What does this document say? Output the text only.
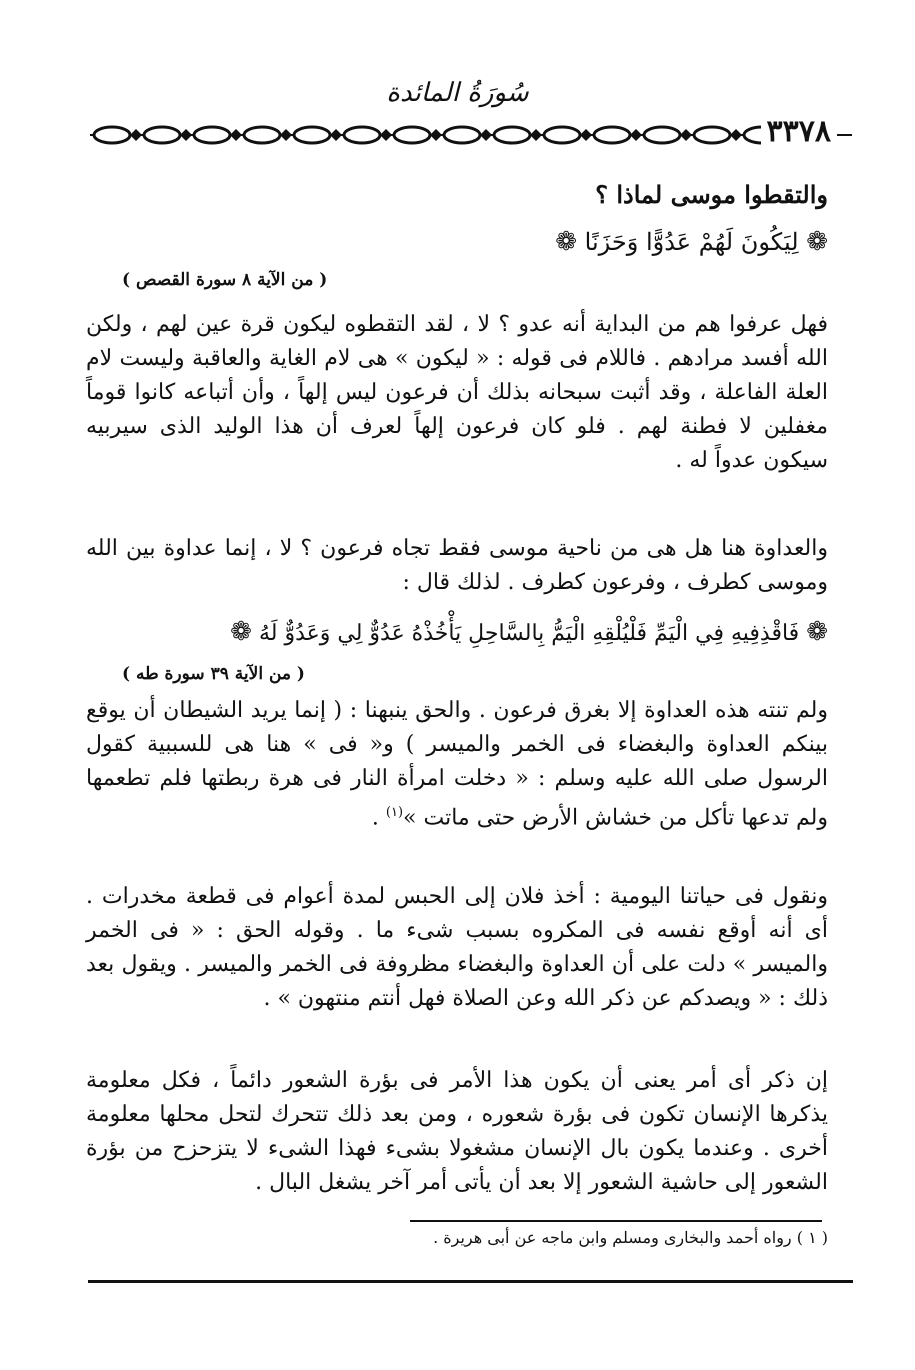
سُورَةُ المائدة
٣٣٧٨
والتقطوا موسى لماذا ؟
❁ لِيَكُونَ لَهُمْ عَدُوًّا وَحَزَنًا ❁
( من الآية ٨ سورة القصص )
فهل عرفوا هم من البداية أنه عدو ؟ لا ، لقد التقطوه ليكون قرة عين لهم ، ولكن الله أفسد مرادهم . فاللام فى قوله : « ليكون » هى لام الغاية والعاقبة وليست لام العلة الفاعلة ، وقد أثبت سبحانه بذلك أن فرعون ليس إلهاً ، وأن أتباعه كانوا قوماً مغفلين لا فطنة لهم . فلو كان فرعون إلهاً لعرف أن هذا الوليد الذى سيربيه سيكون عدواً له .
والعداوة هنا هل هى من ناحية موسى فقط تجاه فرعون ؟ لا ، إنما عداوة بين الله وموسى كطرف ، وفرعون كطرف . لذلك قال :
❁ فَاقْذِفِيهِ فِي الْيَمِّ فَلْيُلْقِهِ الْيَمُّ بِالسَّاحِلِ يَأْخُذْهُ عَدُوٌّ لِي وَعَدُوٌّ لَهُ ❁
( من الآية ٣٩ سورة طه )
ولم تنته هذه العداوة إلا بغرق فرعون . والحق ينبهنا : ( إنما يريد الشيطان أن يوقع بينكم العداوة والبغضاء فى الخمر والميسر ) و« فى » هنا هى للسببية كقول الرسول صلى الله عليه وسلم : « دخلت امرأة النار فى هرة ربطتها فلم تطعمها ولم تدعها تأكل من خشاش الأرض حتى ماتت »$^{(١)}$ .
ونقول فى حياتنا اليومية : أخذ فلان إلى الحبس لمدة أعوام فى قطعة مخدرات . أى أنه أوقع نفسه فى المكروه بسبب شىء ما . وقوله الحق : « فى الخمر والميسر » دلت على أن العداوة والبغضاء مظروفة فى الخمر والميسر . ويقول بعد ذلك : « ويصدكم عن ذكر الله وعن الصلاة فهل أنتم منتهون » .
إن ذكر أى أمر يعنى أن يكون هذا الأمر فى بؤرة الشعور دائماً ، فكل معلومة يذكرها الإنسان تكون فى بؤرة شعوره ، ومن بعد ذلك تتحرك لتحل محلها معلومة أخرى . وعندما يكون بال الإنسان مشغولا بشىء فهذا الشىء لا يتزحزح من بؤرة الشعور إلى حاشية الشعور إلا بعد أن يأتى أمر آخر يشغل البال .
( ١ ) رواه أحمد والبخارى ومسلم وابن ماجه عن أبى هريرة .
